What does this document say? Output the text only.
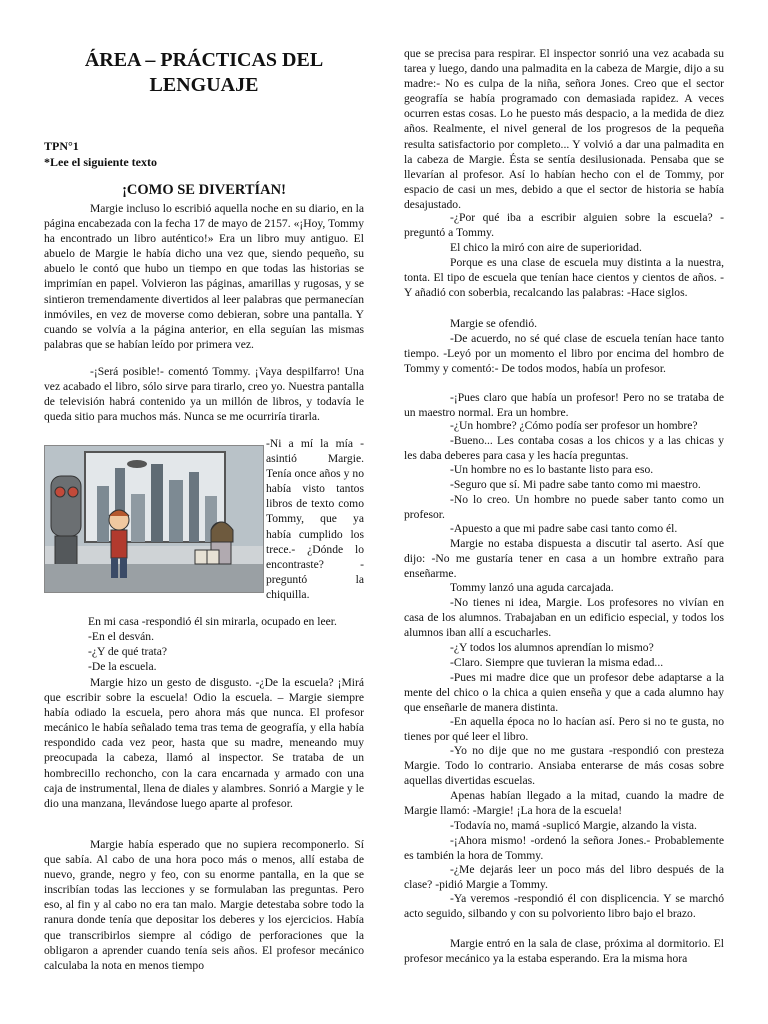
ÁREA – PRÁCTICAS DEL
LENGUAJE
TPN°1
*Lee el siguiente texto
¡COMO SE DIVERTÍAN!

Margie incluso lo escribió aquella noche en su diario, en la página encabezada con la fecha 17 de mayo de 2157. «¡Hoy, Tommy ha encontrado un libro auténtico!» Era un libro muy antiguo. El abuelo de Margie le había dicho una vez que, siendo pequeño, su abuelo le contó que hubo un tiempo en que todas las historias se imprimían en papel. Volvieron las páginas, amarillas y rugosas, y se sintieron tremendamente divertidos al leer palabras que permanecían inmóviles, en vez de moverse como debieran, sobre una pantalla. Y cuando se volvía a la página anterior, en ella seguían las mismas palabras que se habían leído por primera vez.

-¡Será posible!- comentó Tommy. ¡Vaya despilfarro! Una vez acabado el libro, sólo sirve para tirarlo, creo yo. Nuestra pantalla de televisión habrá contenido ya un millón de libros, y todavía le queda sitio para muchos más. Nunca se me ocurriría tirarla.

-Ni a mí la mía - asintió Margie. Tenía once años y no había visto tantos libros de texto como Tommy, que ya había cumplido los trece.- ¿Dónde lo encontraste? - preguntó la chiquilla.

En mi casa -respondió él sin mirarla, ocupado en leer.

-En el desván.

-¿Y de qué trata?

-De la escuela.

Margie hizo un gesto de disgusto. -¿De la escuela? ¡Mirá que escribir sobre la escuela! Odio la escuela. – Margie siempre había odiado la escuela, pero ahora más que nunca. El profesor mecánico le había señalado tema tras tema de geografía, y ella había respondido cada vez peor, hasta que su madre, meneando muy preocupada la cabeza, llamó al inspector. Se trataba de un hombrecillo rechoncho, con la cara encarnada y armado con una caja de instrumental, llena de diales y alambres. Sonrió a Margie y le dio una manzana, llevándose luego aparte al profesor.

Margie había esperado que no supiera recomponerlo. Sí que sabía. Al cabo de una hora poco más o menos, allí estaba de nuevo, grande, negro y feo, con su enorme pantalla, en la que se inscribían todas las lecciones y se formulaban las preguntas. Pero eso, al fin y al cabo no era tan malo. Margie detestaba sobre todo la ranura donde tenía que depositar los deberes y los ejercicios. Había que transcribirlos siempre al código de perforaciones que la obligaron a aprender cuando tenía seis años. El profesor mecánico calculaba la nota en menos tiempo

que se precisa para respirar. El inspector sonrió una vez acabada su tarea y luego, dando una palmadita en la cabeza de Margie, dijo a su madre:- No es culpa de la niña, señora Jones. Creo que el sector geografía se había programado con demasiada rapidez. A veces ocurren estas cosas. Lo he puesto más despacio, a la medida de diez años. Realmente, el nivel general de los progresos de la pequeña resulta satisfactorio por completo... Y volvió a dar una palmadita en la cabeza de Margie. Ésta se sentía desilusionada. Pensaba que se llevarían al profesor. Así lo habían hecho con el de Tommy, por espacio de casi un mes, debido a que el sector de historia se había desajustado.

-¿Por qué iba a escribir alguien sobre la escuela? - preguntó a Tommy.

El chico la miró con aire de superioridad.

Porque es una clase de escuela muy distinta a la nuestra, tonta. El tipo de escuela que tenían hace cientos y cientos de años. -Y añadió con soberbia, recalcando las palabras: -Hace siglos.

Margie se ofendió.

-De acuerdo, no sé qué clase de escuela tenían hace tanto tiempo. -Leyó por un momento el libro por encima del hombro de Tommy y comentó:- De todos modos, había un profesor.

-¡Pues claro que había un profesor! Pero no se trataba de un maestro normal. Era un hombre.

-¿Un hombre? ¿Cómo podía ser profesor un hombre?

-Bueno... Les contaba cosas a los chicos y a las chicas y les daba deberes para casa y les hacía preguntas.

-Un hombre no es lo bastante listo para eso.

-Seguro que sí. Mi padre sabe tanto como mi maestro.

-No lo creo. Un hombre no puede saber tanto como un profesor.

-Apuesto a que mi padre sabe casi tanto como él.

Margie no estaba dispuesta a discutir tal aserto. Así que dijo: -No me gustaría tener en casa a un hombre extraño para enseñarme.

Tommy lanzó una aguda carcajada.

-No tienes ni idea, Margie. Los profesores no vivían en casa de los alumnos. Trabajaban en un edificio especial, y todos los alumnos iban allí a escucharles.

-¿Y todos los alumnos aprendían lo mismo?

-Claro. Siempre que tuvieran la misma edad...

-Pues mi madre dice que un profesor debe adaptarse a la mente del chico o la chica a quien enseña y que a cada alumno hay que enseñarle de manera distinta.

-En aquella época no lo hacían así. Pero si no te gusta, no tienes por qué leer el libro.

-Yo no dije que no me gustara -respondió con presteza Margie. Todo lo contrario. Ansiaba enterarse de más cosas sobre aquellas divertidas escuelas.

Apenas habían llegado a la mitad, cuando la madre de Margie llamó: -Margie! ¡La hora de la escuela!

-Todavía no, mamá -suplicó Margie, alzando la vista.

-¡Ahora mismo! -ordenó la señora Jones.- Probablemente es también la hora de Tommy.

-¿Me dejarás leer un poco más del libro después de la clase? -pidió Margie a Tommy.

-Ya veremos -respondió él con displicencia. Y se marchó acto seguido, silbando y con su polvoriento libro bajo el brazo.

Margie entró en la sala de clase, próxima al dormitorio. El profesor mecánico ya la estaba esperando. Era la misma hora
